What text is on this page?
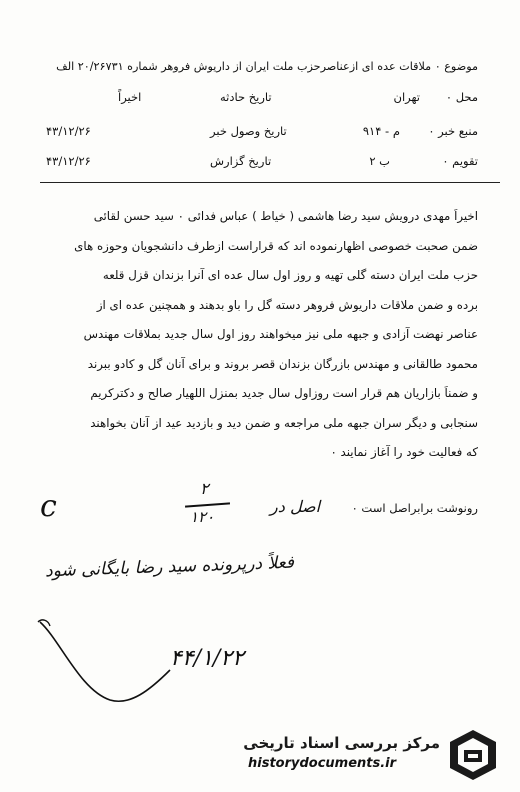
موضوع ٠ ملاقات عده ای ازعناصرحزب ملت ایران از داریوش فروهر شماره ۲۰/۲۶۷۳۱ الف
محل ٠
تهران
تاریخ حادثه
اخیراً
منبع خبر ٠
م - ۹۱۴
تاریخ وصول خبر
۴۳/۱۲/۲۶
تقویم ٠
ب ۲
تاریخ گزارش
۴۳/۱۲/۲۶
اخیراً مهدی درویش سید رضا هاشمی ( خیاط ) عباس فدائی ٠ سید حسن لقائی
ضمن صحبت خصوصی اظهارنموده اند که قراراست ازطرف دانشجویان وحوزه های
حزب ملت ایران دسته گلی تهیه و روز اول سال عده ای آنرا بزندان قزل قلعه
برده و ضمن ملاقات داریوش فروهر دسته گل را باو بدهند و همچنین عده ای از
عناصر نهضت آزادی و جبهه ملی نیز میخواهند روز اول سال جدید بملاقات مهندس
محمود طالقانی و مهندس بازرگان بزندان قصر بروند و برای آنان گل و کادو ببرند
و ضمناً بازاریان هم قرار است روزاول سال جدید بمنزل اللهیار صالح و دکترکریم
سنجابی و دیگر سران جبهه ملی مراجعه و ضمن دید و بازدید عید از آنان بخواهند
که فعالیت خود را آغاز نمایند ٠
رونوشت برابراصل است ٠
اصل در
۲
۱۲۰
c
فعلاً درپرونده سید رضا بایگانی شود
۴۴/۱/۲۲
مرکز بررسی اسناد تاریخی
historydocuments.ir
